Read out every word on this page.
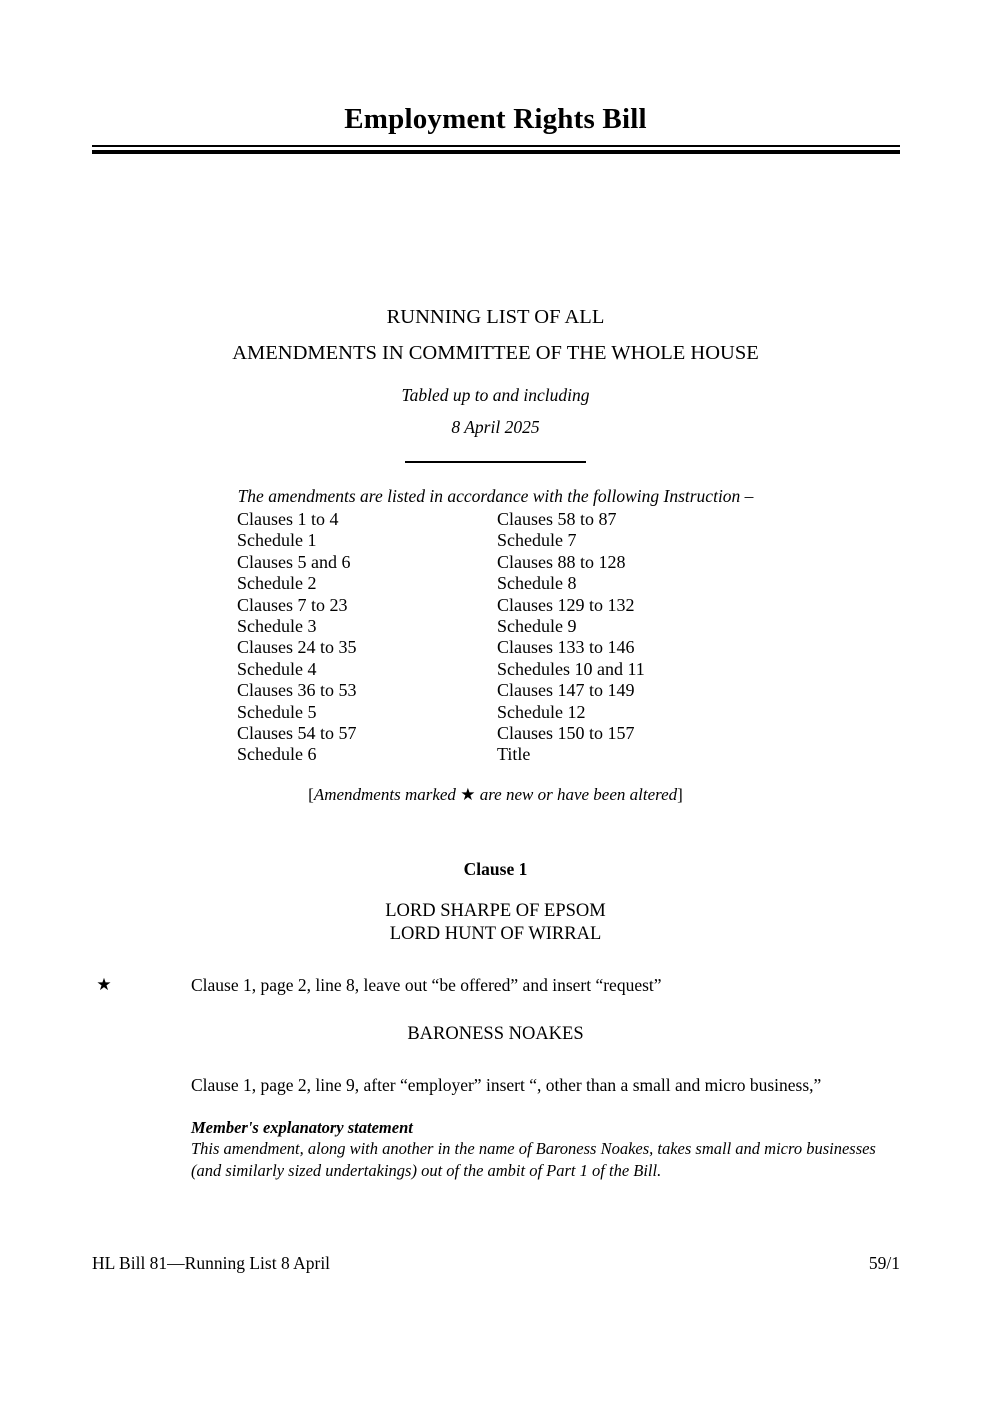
Employment Rights Bill
RUNNING LIST OF ALL
AMENDMENTS IN COMMITTEE OF THE WHOLE HOUSE
Tabled up to and including
8 April 2025
The amendments are listed in accordance with the following Instruction –
Clauses 1 to 4	Clauses 58 to 87
Schedule 1	Schedule 7
Clauses 5 and 6	Clauses 88 to 128
Schedule 2	Schedule 8
Clauses 7 to 23	Clauses 129 to 132
Schedule 3	Schedule 9
Clauses 24 to 35	Clauses 133 to 146
Schedule 4	Schedules 10 and 11
Clauses 36 to 53	Clauses 147 to 149
Schedule 5	Schedule 12
Clauses 54 to 57	Clauses 150 to 157
Schedule 6	Title
[Amendments marked ★ are new or have been altered]
Clause 1
LORD SHARPE OF EPSOM
LORD HUNT OF WIRRAL
★	Clause 1, page 2, line 8, leave out “be offered” and insert “request”
BARONESS NOAKES
Clause 1, page 2, line 9, after “employer” insert “, other than a small and micro business,”
Member's explanatory statement
This amendment, along with another in the name of Baroness Noakes, takes small and micro businesses (and similarly sized undertakings) out of the ambit of Part 1 of the Bill.
HL Bill 81—Running List 8 April	59/1
